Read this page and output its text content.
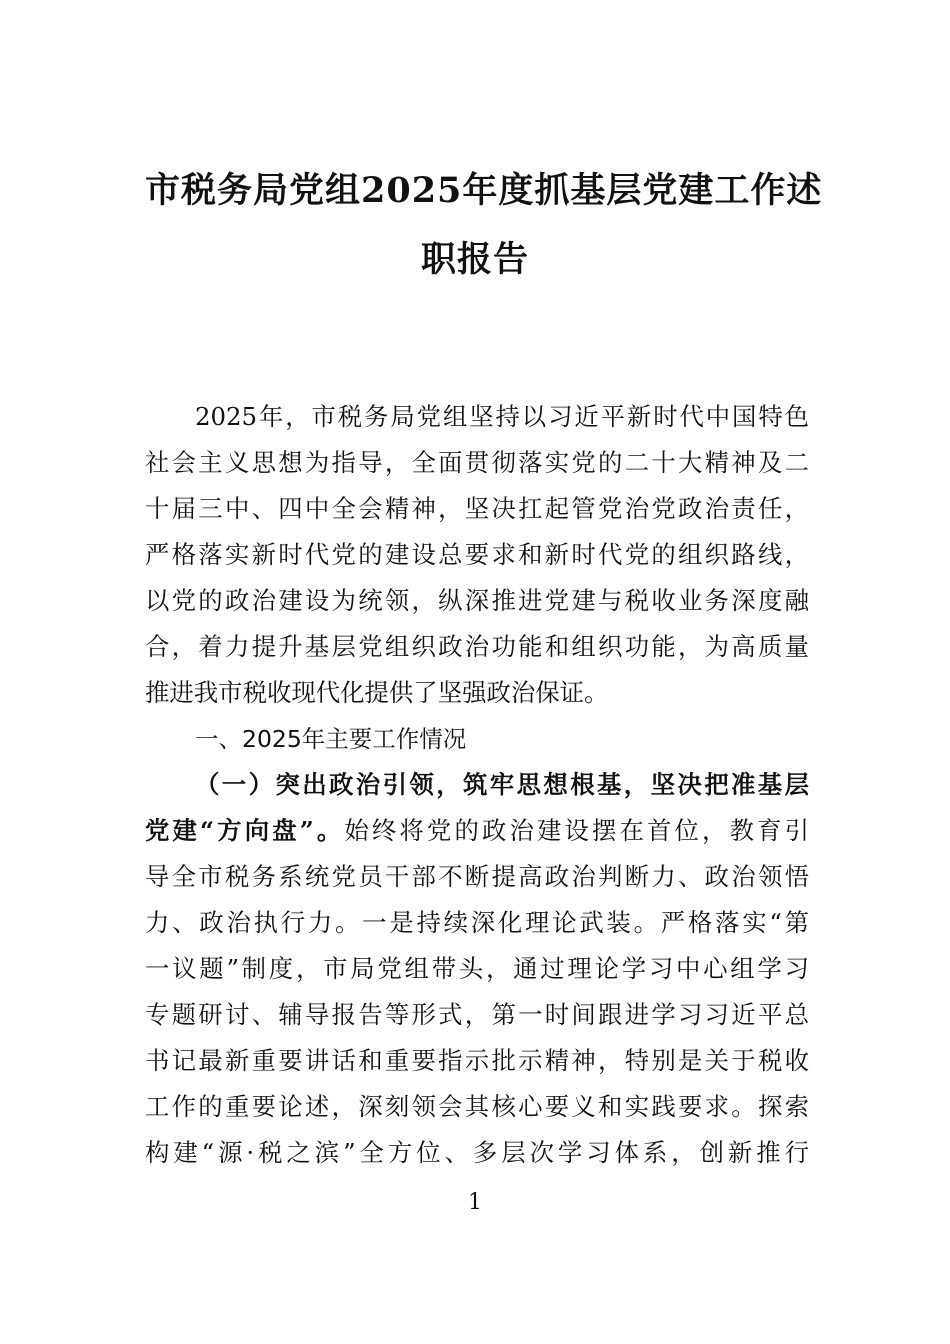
市税务局党组2025年度抓基层党建工作述
职报告
2025年，市税务局党组坚持以习近平新时代中国特色
社会主义思想为指导，全面贯彻落实党的二十大精神及二
十届三中、四中全会精神，坚决扛起管党治党政治责任，
严格落实新时代党的建设总要求和新时代党的组织路线，
以党的政治建设为统领，纵深推进党建与税收业务深度融
合，着力提升基层党组织政治功能和组织功能，为高质量
推进我市税收现代化提供了坚强政治保证。
一、2025年主要工作情况
（一）突出政治引领，筑牢思想根基，坚决把准基层
党建“方向盘”。始终将党的政治建设摆在首位，教育引
导全市税务系统党员干部不断提高政治判断力、政治领悟
力、政治执行力。一是持续深化理论武装。严格落实“第
一议题”制度，市局党组带头，通过理论学习中心组学习
专题研讨、辅导报告等形式，第一时间跟进学习习近平总
书记最新重要讲话和重要指示批示精神，特别是关于税收
工作的重要论述，深刻领会其核心要义和实践要求。探索
构建“源·税之滨”全方位、多层次学习体系，创新推行
1
